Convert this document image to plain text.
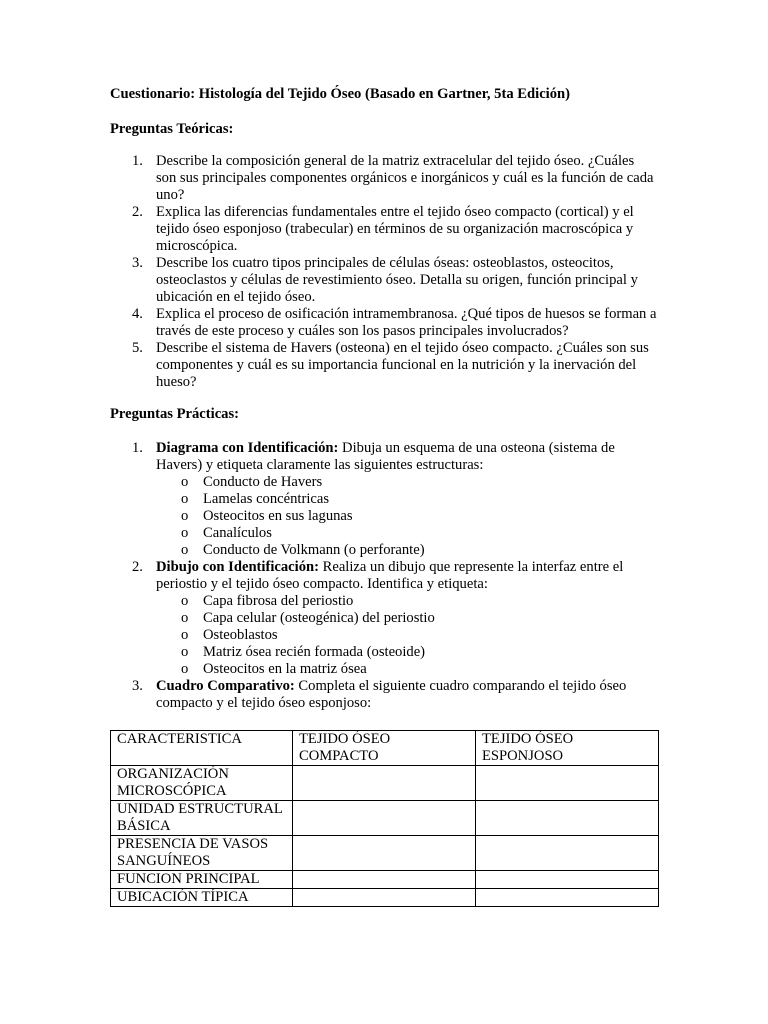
Cuestionario: Histología del Tejido Óseo (Basado en Gartner, 5ta Edición)
Preguntas Teóricas:
1. Describe la composición general de la matriz extracelular del tejido óseo. ¿Cuáles son sus principales componentes orgánicos e inorgánicos y cuál es la función de cada uno?
2. Explica las diferencias fundamentales entre el tejido óseo compacto (cortical) y el tejido óseo esponjoso (trabecular) en términos de su organización macroscópica y microscópica.
3. Describe los cuatro tipos principales de células óseas: osteoblastos, osteocitos, osteoclastos y células de revestimiento óseo. Detalla su origen, función principal y ubicación en el tejido óseo.
4. Explica el proceso de osificación intramembranosa. ¿Qué tipos de huesos se forman a través de este proceso y cuáles son los pasos principales involucrados?
5. Describe el sistema de Havers (osteona) en el tejido óseo compacto. ¿Cuáles son sus componentes y cuál es su importancia funcional en la nutrición y la inervación del hueso?
Preguntas Prácticas:
1. Diagrama con Identificación: Dibuja un esquema de una osteona (sistema de Havers) y etiqueta claramente las siguientes estructuras:
o Conducto de Havers
o Lamelas concéntricas
o Osteocitos en sus lagunas
o Canalículos
o Conducto de Volkmann (o perforante)
2. Dibujo con Identificación: Realiza un dibujo que represente la interfaz entre el periostio y el tejido óseo compacto. Identifica y etiqueta:
o Capa fibrosa del periostio
o Capa celular (osteogénica) del periostio
o Osteoblastos
o Matriz ósea recién formada (osteoide)
o Osteocitos en la matriz ósea
3. Cuadro Comparativo: Completa el siguiente cuadro comparando el tejido óseo compacto y el tejido óseo esponjoso:
CARACTERISTICA	TEJIDO ÓSEO COMPACTO	TEJIDO ÓSEO ESPONJOSO
ORGANIZACIÓN MICROSCÓPICA		
UNIDAD ESTRUCTURAL BÁSICA		
PRESENCIA DE VASOS SANGUÍNEOS		
FUNCION PRINCIPAL		
UBICACIÓN TÍPICA		
